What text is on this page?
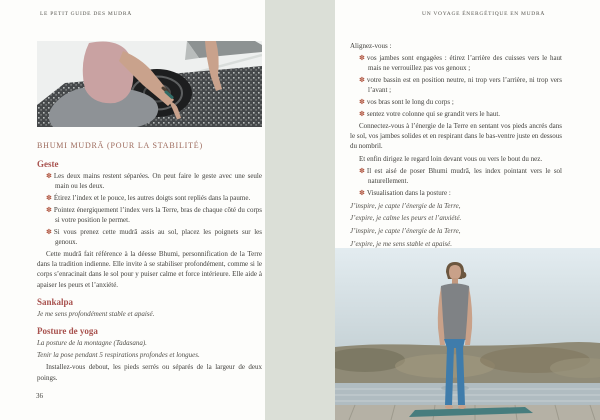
LE PETIT GUIDE DES MUDRĀ	UN VOYAGE ÉNERGÉTIQUE EN MUDRĀ
BHUMI MUDRĀ (POUR LA STABILITÉ)
Geste
✽ Les deux mains restent séparées. On peut faire le geste avec une seule main ou les deux.
✽ Étirez l’index et le pouce, les autres doigts sont repliés dans la paume.
✽ Pointez énergiquement l’index vers la Terre, bras de chaque côté du corps si votre position le permet.
✽ Si vous prenez cette mudrā assis au sol, placez les poignets sur les genoux.

Cette mudrā fait référence à la déesse Bhumi, personnification de la Terre dans la tradition indienne. Elle invite à se stabiliser profondément, comme si le corps s’enracinait dans le sol pour y puiser calme et force intérieure. Elle aide à apaiser les peurs et l’anxiété.

Sankalpa

Je me sens profondément stable et apaisé.

Posture de yoga

La posture de la montagne (Tadasana).

Tenir la pose pendant 5 respirations profondes et longues.

Installez-vous debout, les pieds serrés ou séparés de la largeur de deux poings.

Alignez-vous :

✽ vos jambes sont engagées : étirez l’arrière des cuisses vers le haut mais ne verrouillez pas vos genoux ;
✽ votre bassin est en position neutre, ni trop vers l’arrière, ni trop vers l’avant ;
✽ vos bras sont le long du corps ;
✽ sentez votre colonne qui se grandit vers le haut.

Connectez-vous à l’énergie de la Terre en sentant vos pieds ancrés dans le sol, vos jambes solides et en respirant dans le bas-ventre juste en dessous du nombril.

Et enfin dirigez le regard loin devant vous ou vers le bout du nez.

✽ Il est aisé de poser Bhumi mudrā, les index pointant vers le sol naturellement.
✽ Visualisation dans la posture :

J’inspire, je capte l’énergie de la Terre,

J’expire, je calme les peurs et l’anxiété.

J’inspire, je capte l’énergie de la Terre,

J’expire, je me sens stable et apaisé.

36
